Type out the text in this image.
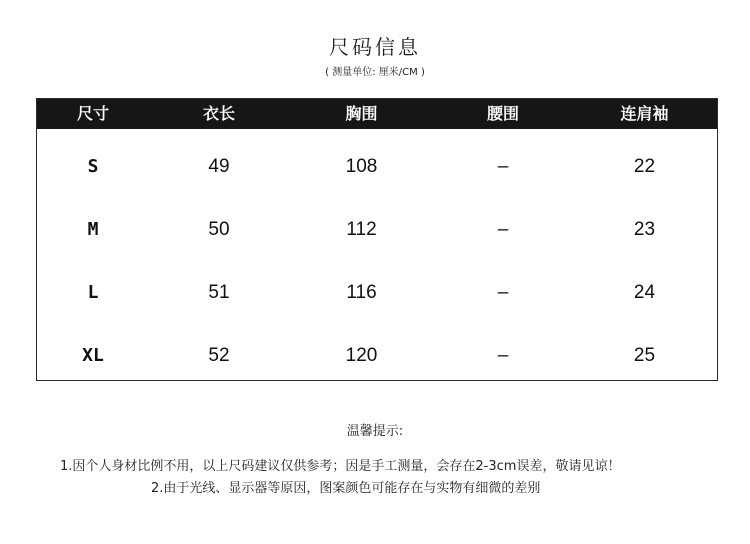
尺码信息
( 测量单位: 厘米/CM )
尺寸	衣长	胸围	腰围	连肩袖
S	49	108	–	22
M	50	112	–	23
L	51	116	–	24
XL	52	120	–	25
温馨提示:
1.因个人身材比例不用，以上尺码建议仅供参考；因是手工测量，会存在2-3cm误差，敬请见谅！
2.由于光线、显示器等原因，图案颜色可能存在与实物有细微的差别
